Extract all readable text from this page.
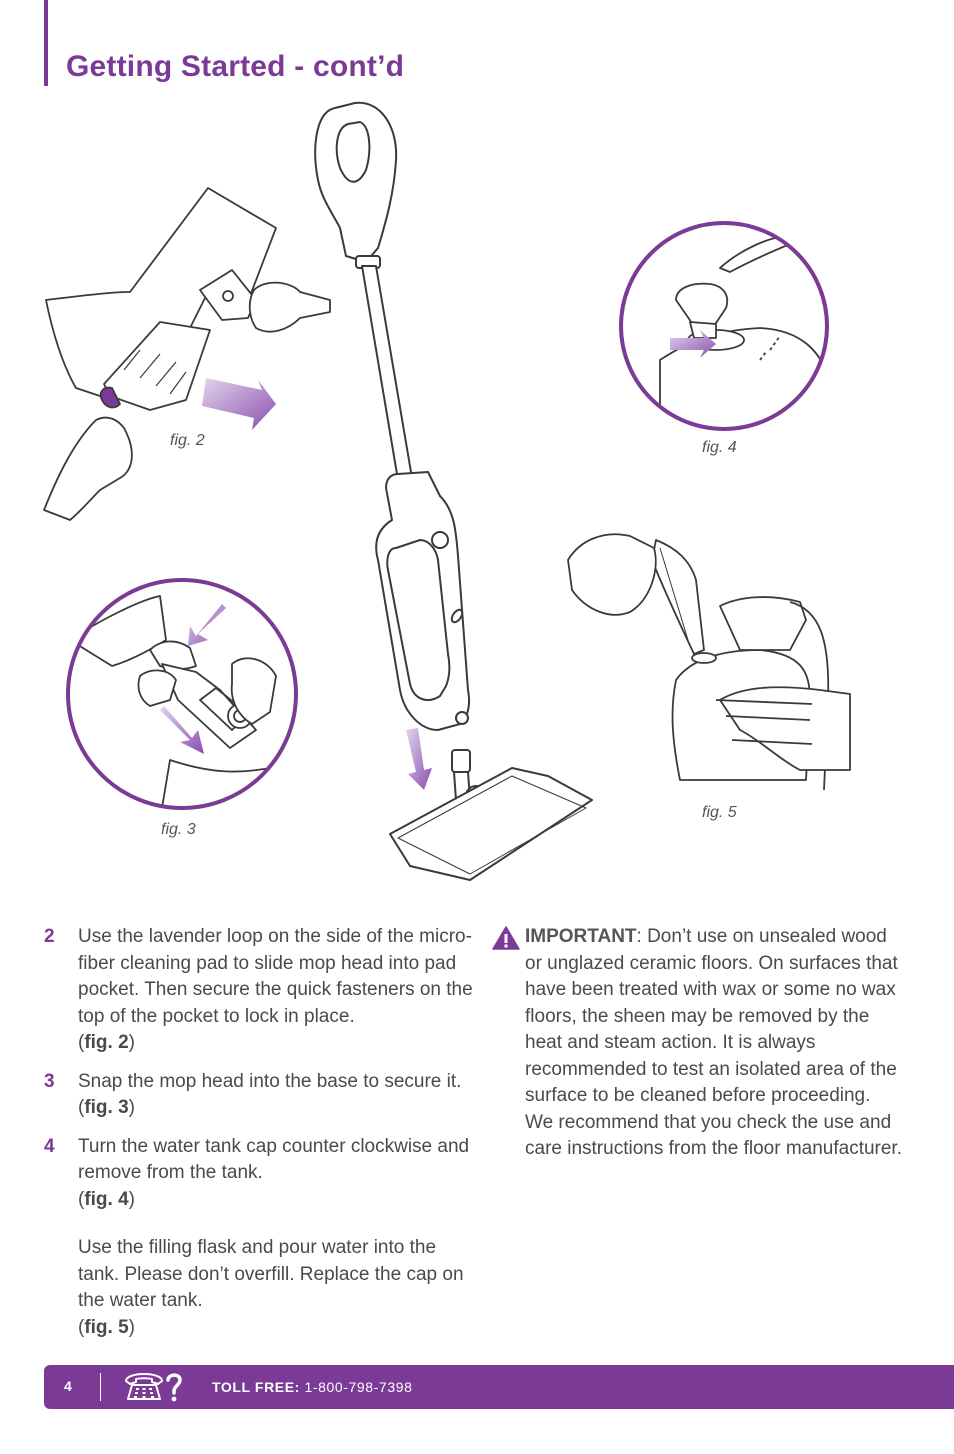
Getting Started - cont’d
fig. 2	fig. 4
fig. 3
fig. 5
2	Use the lavender loop on the side of the micro-fiber cleaning pad to slide mop head into pad pocket. Then secure the quick fasteners on the top of the pocket to lock in place.
(fig. 2)
3	Snap the mop head into the base to secure it. (fig. 3)
4	Turn the water tank cap counter clockwise and remove from the tank.
(fig. 4)
Use the filling flask and pour water into the tank. Please don’t overfill. Replace the cap on the water tank.
(fig. 5)
IMPORTANT: Don’t use on unsealed wood or unglazed ceramic floors. On surfaces that have been treated with wax or some no wax floors, the sheen may be removed by the heat and steam action. It is always recommended to test an isolated area of the surface to be cleaned before proceeding. We recommend that you check the use and care instructions from the floor manufacturer.
4	TOLL FREE: 1-800-798-7398
